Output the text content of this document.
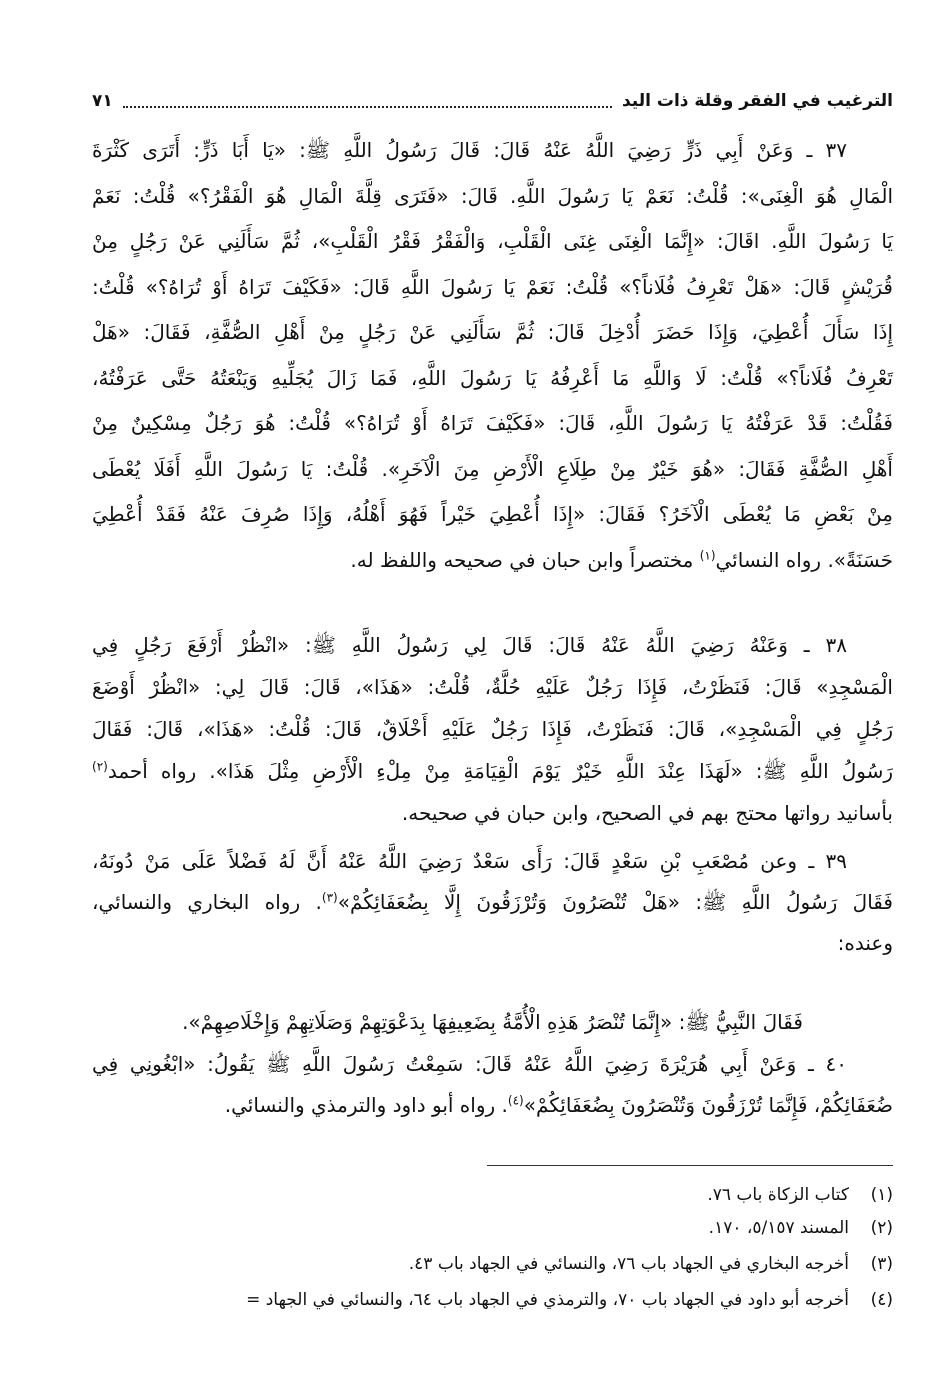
الترغيب في الفقر وقلة ذات اليد
٧١
٣٧ ـ وَعَنْ أَبِي ذَرٍّ رَضِيَ اللَّهُ عَنْهُ قَالَ: قَالَ رَسُولُ اللَّهِ ﷺ: «يَا أَبَا ذَرٍّ: أَتَرَى كَثْرَةَ
الْمَالِ هُوَ الْغِنَى»: قُلْتُ: نَعَمْ يَا رَسُولَ اللَّهِ. قَالَ: «فَتَرَى قِلَّةَ الْمَالِ هُوَ الْفَقْرُ؟» قُلْتُ: نَعَمْ
يَا رَسُولَ اللَّهِ. اقَالَ: «إِنَّمَا الْغِنَى غِنَى الْقَلْبِ، وَالْفَقْرُ فَقْرُ الْقَلْبِ»، ثُمَّ سَأَلَنِي عَنْ رَجُلٍ مِنْ
قُرَيْشٍ قَالَ: «هَلْ تَعْرِفُ فُلَاناً؟» قُلْتُ: نَعَمْ يَا رَسُولَ اللَّهِ قَالَ: «فَكَيْفَ تَرَاهُ أَوْ تُرَاهُ؟» قُلْتُ:
إِذَا سَأَلَ أُعْطِيَ، وَإِذَا حَضَرَ أُدْخِلَ قَالَ: ثُمَّ سَأَلَنِي عَنْ رَجُلٍ مِنْ أَهْلِ الصُّفَّةِ، فَقَالَ: «هَلْ
تَعْرِفُ فُلَاناً؟» قُلْتُ: لَا وَاللَّهِ مَا أَعْرِفُهُ يَا رَسُولَ اللَّهِ، فَمَا زَالَ يُجَلِّيهِ وَيَنْعَتُهُ حَتَّى عَرَفْتُهُ،
فَقُلْتُ: قَدْ عَرَفْتُهُ يَا رَسُولَ اللَّهِ، قَالَ: «فَكَيْفَ تَرَاهُ أَوْ تُرَاهُ؟» قُلْتُ: هُوَ رَجُلٌ مِسْكِينٌ مِنْ
أَهْلِ الصُّفَّةِ فَقَالَ: «هُوَ خَيْرٌ مِنْ طِلَاعِ الْأَرْضِ مِنَ الْآخَرِ». قُلْتُ: يَا رَسُولَ اللَّهِ أَفَلَا يُعْطَى
مِنْ بَعْضِ مَا يُعْطَى الْآخَرُ؟ فَقَالَ: «إِذَا أُعْطِيَ خَيْراً فَهُوَ أَهْلُهُ، وَإِذَا صُرِفَ عَنْهُ فَقَدْ أُعْطِيَ
حَسَنَةً». رواه النسائي$^{(١)}$ مختصراً وابن حبان في صحيحه واللفظ له.
٣٨ ـ وَعَنْهُ رَضِيَ اللَّهُ عَنْهُ قَالَ: قَالَ لِي رَسُولُ اللَّهِ ﷺ: «انْظُرْ أَرْفَعَ رَجُلٍ فِي
الْمَسْجِدِ» قَالَ: فَنَظَرْتُ، فَإِذَا رَجُلٌ عَلَيْهِ حُلَّةٌ، قُلْتُ: «هَذَا»، قَالَ: قَالَ لِي: «انْظُرْ أَوْضَعَ
رَجُلٍ فِي الْمَسْجِدِ»، قَالَ: فَنَظَرْتُ، فَإِذَا رَجُلٌ عَلَيْهِ أَخْلَاقٌ، قَالَ: قُلْتُ: «هَذَا»، قَالَ: فَقَالَ
رَسُولُ اللَّهِ ﷺ: «لَهَذَا عِنْدَ اللَّهِ خَيْرٌ يَوْمَ الْقِيَامَةِ مِنْ مِلْءِ الْأَرْضِ مِثْلَ هَذَا». رواه أحمد$^{(٢)}$
بأسانيد رواتها محتج بهم في الصحيح، وابن حبان في صحيحه.
٣٩ ـ وعن مُصْعَبِ بْنِ سَعْدٍ قَالَ: رَأَى سَعْدٌ رَضِيَ اللَّهُ عَنْهُ أَنَّ لَهُ فَضْلاً عَلَى مَنْ دُونَهُ،
فَقَالَ رَسُولُ اللَّهِ ﷺ: «هَلْ تُنْصَرُونَ وَتُرْزَقُونَ إِلَّا بِضُعَفَائِكُمْ»$^{(٣)}$. رواه البخاري والنسائي،
وعنده:
فَقَالَ النَّبِيُّ ﷺ: «إِنَّمَا تُنْصَرُ هَذِهِ الْأُمَّةُ بِضَعِيفِهَا بِدَعْوَتِهِمْ وَصَلَاتِهِمْ وَإِخْلَاصِهِمْ».
٤٠ ـ وَعَنْ أَبِي هُرَيْرَةَ رَضِيَ اللَّهُ عَنْهُ قَالَ: سَمِعْتُ رَسُولَ اللَّهِ ﷺ يَقُولُ: «ابْغُونِي فِي
ضُعَفَائِكُمْ، فَإِنَّمَا تُرْزَقُونَ وَتُنْصَرُونَ بِضُعَفَائِكُمْ»$^{(٤)}$. رواه أبو داود والترمذي والنسائي.
(١)كتاب الزكاة باب ٧٦.
(٢)المسند ٥/١٥٧، ١٧٠.
(٣)أخرجه البخاري في الجهاد باب ٧٦، والنسائي في الجهاد باب ٤٣.
(٤)أخرجه أبو داود في الجهاد باب ٧٠، والترمذي في الجهاد باب ٦٤، والنسائي في الجهاد =
